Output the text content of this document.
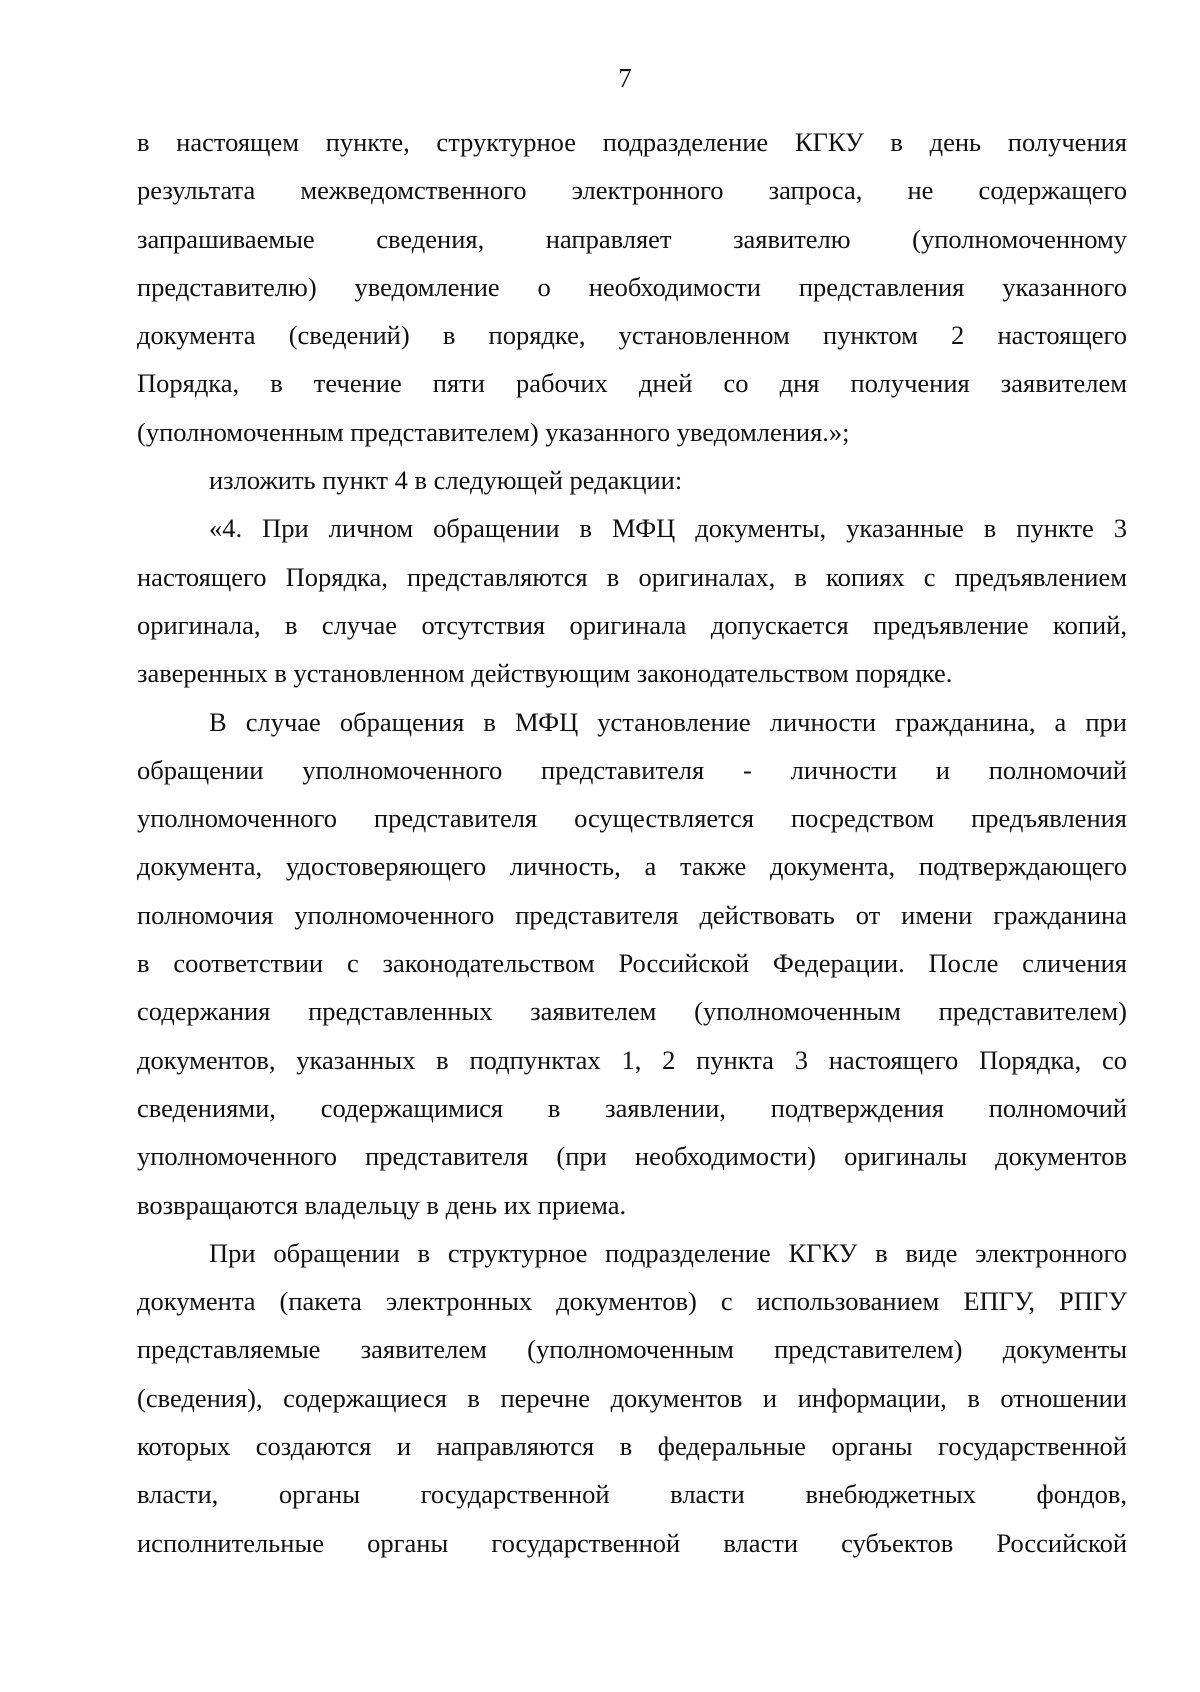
7
в настоящем пункте, структурное подразделение КГКУ в день получения
результата межведомственного электронного запроса, не содержащего
запрашиваемые сведения, направляет заявителю (уполномоченному
представителю) уведомление о необходимости представления указанного
документа (сведений) в порядке, установленном пунктом 2 настоящего
Порядка, в течение пяти рабочих дней со дня получения заявителем
(уполномоченным представителем) указанного уведомления.»;
изложить пункт 4 в следующей редакции:
«4. При личном обращении в МФЦ документы, указанные в пункте 3
настоящего Порядка, представляются в оригиналах, в копиях с предъявлением
оригинала, в случае отсутствия оригинала допускается предъявление копий,
заверенных в установленном действующим законодательством порядке.
В случае обращения в МФЦ установление личности гражданина, а при
обращении уполномоченного представителя - личности и полномочий
уполномоченного представителя осуществляется посредством предъявления
документа, удостоверяющего личность, а также документа, подтверждающего
полномочия уполномоченного представителя действовать от имени гражданина
в соответствии с законодательством Российской Федерации. После сличения
содержания представленных заявителем (уполномоченным представителем)
документов, указанных в подпунктах 1, 2 пункта 3 настоящего Порядка, со
сведениями, содержащимися в заявлении, подтверждения полномочий
уполномоченного представителя (при необходимости) оригиналы документов
возвращаются владельцу в день их приема.
При обращении в структурное подразделение КГКУ в виде электронного
документа (пакета электронных документов) с использованием ЕПГУ, РПГУ
представляемые заявителем (уполномоченным представителем) документы
(сведения), содержащиеся в перечне документов и информации, в отношении
которых создаются и направляются в федеральные органы государственной
власти, органы государственной власти внебюджетных фондов,
исполнительные органы государственной власти субъектов Российской
